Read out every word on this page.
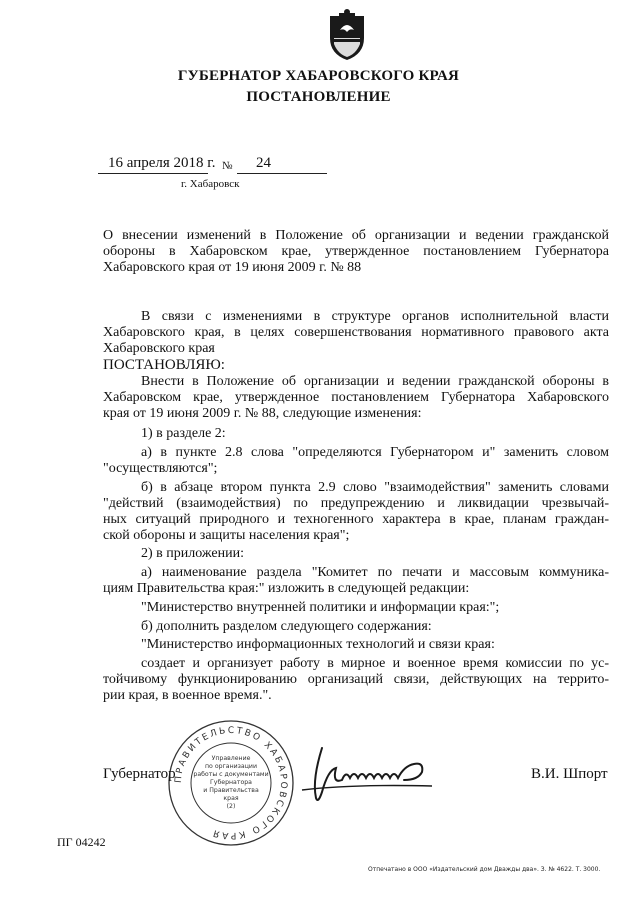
ГУБЕРНАТОР ХАБАРОВСКОГО КРАЯ
ПОСТАНОВЛЕНИЕ
16 апреля 2018 г. № 24
г. Хабаровск
О внесении изменений в Положение об организации и ведении гражданской
обороны в Хабаровском крае, утвержденное постановлением Губернатора
Хабаровского края от 19 июня 2009 г. № 88
В связи с изменениями в структуре органов исполнительной власти
Хабаровского края, в целях совершенствования нормативного правового акта
Хабаровского края
ПОСТАНОВЛЯЮ:
Внести в Положение об организации и ведении гражданской обороны в
Хабаровском крае, утвержденное постановлением Губернатора Хабаровского
края от 19 июня 2009 г. № 88, следующие изменения:
1) в разделе 2:
а) в пункте 2.8 слова "определяются Губернатором и" заменить словом
"осуществляются";
б) в абзаце втором пункта 2.9 слово "взаимодействия" заменить словами
"действий (взаимодействия) по предупреждению и ликвидации чрезвычай-
ных ситуаций природного и техногенного характера в крае, планам граждан-
ской обороны и защиты населения края";
2) в приложении:
а) наименование раздела "Комитет по печати и массовым коммуника-
циям Правительства края:" изложить в следующей редакции:
"Министерство внутренней политики и информации края:";
б) дополнить разделом следующего содержания:
"Министерство информационных технологий и связи края:
создает и организует работу в мирное и военное время комиссии по ус-
тойчивому функционированию организаций связи, действующих на террито-
рии края, в военное время.".
ПРАВИТЕЛЬСТВО ХАБАРОВСКОГО КРАЯ
Управление
по организации
работы с документами
Губернатора
и Правительства
края
(2)
Губернатор	В.И. Шпорт
ПГ 04242
Отпечатано в ООО «Издательский дом Дважды два». З. № 4622. Т. 3000.
